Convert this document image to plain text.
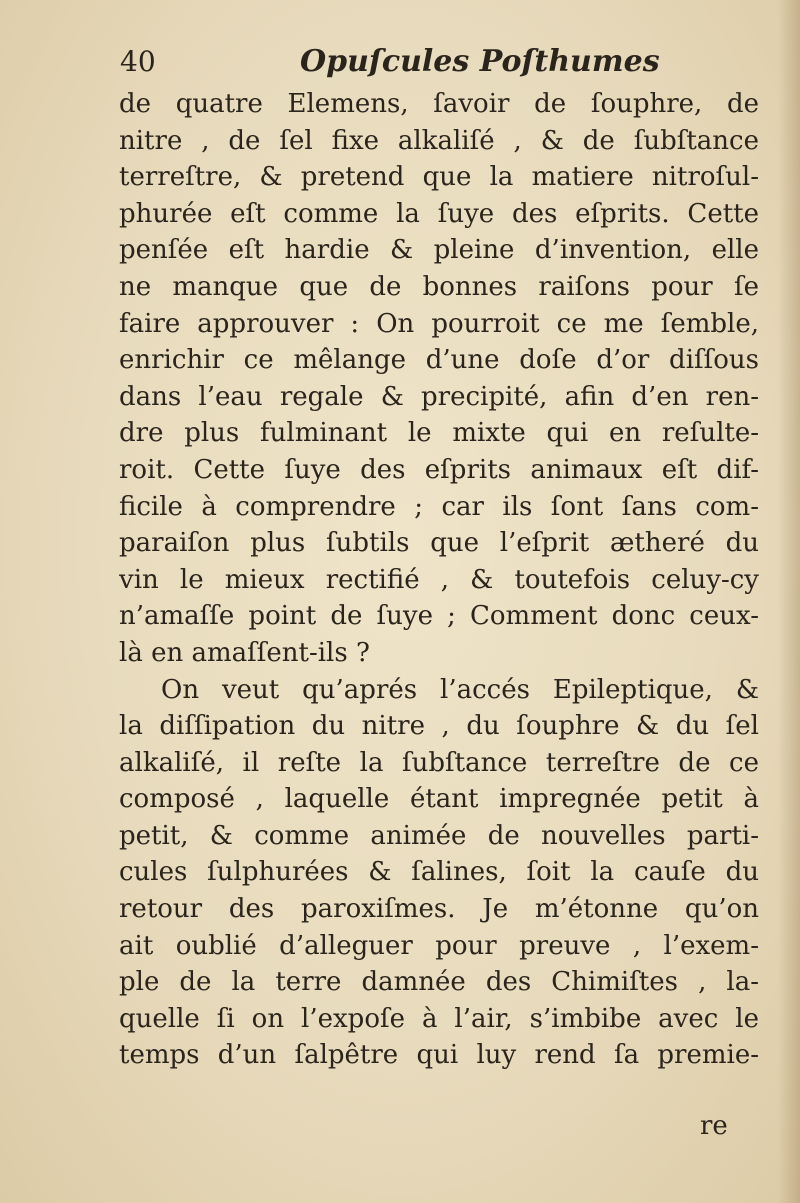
40	Opuſcules Poſthumes
de quatre Elemens, ſavoir de ſouphre, de
nitre , de ſel fixe alkaliſé , & de ſubſtance
terreſtre, & pretend que la matiere nitroſul-
phurée eſt comme la ſuye des eſprits. Cette
penſée eſt hardie & pleine d’invention, elle
ne manque que de bonnes raiſons pour ſe
faire approuver : On pourroit ce me ſemble,
enrichir ce mêlange d’une doſe d’or diſſous
dans l’eau regale & precipité, afin d’en ren-
dre plus fulminant le mixte qui en reſulte-
roit. Cette ſuye des eſprits animaux eſt dif-
ficile à comprendre ; car ils ſont ſans com-
paraiſon plus ſubtils que l’eſprit ætheré du
vin le mieux rectifié , & toutefois celuy-cy
n’amaſſe point de ſuye ; Comment donc ceux-
là en amaſſent-ils ?
On veut qu’aprés l’accés Epileptique, &
la diſſipation du nitre , du ſouphre & du ſel
alkaliſé, il reſte la ſubſtance terreſtre de ce
composé , laquelle étant impregnée petit à
petit, & comme animée de nouvelles parti-
cules ſulphurées & ſalines, ſoit la cauſe du
retour des paroxiſmes. Je m’étonne qu’on
ait oublié d’alleguer pour preuve , l’exem-
ple de la terre damnée des Chimiſtes , la-
quelle ſi on l’expoſe à l’air, s’imbibe avec le
temps d’un ſalpêtre qui luy rend ſa premie-
re
